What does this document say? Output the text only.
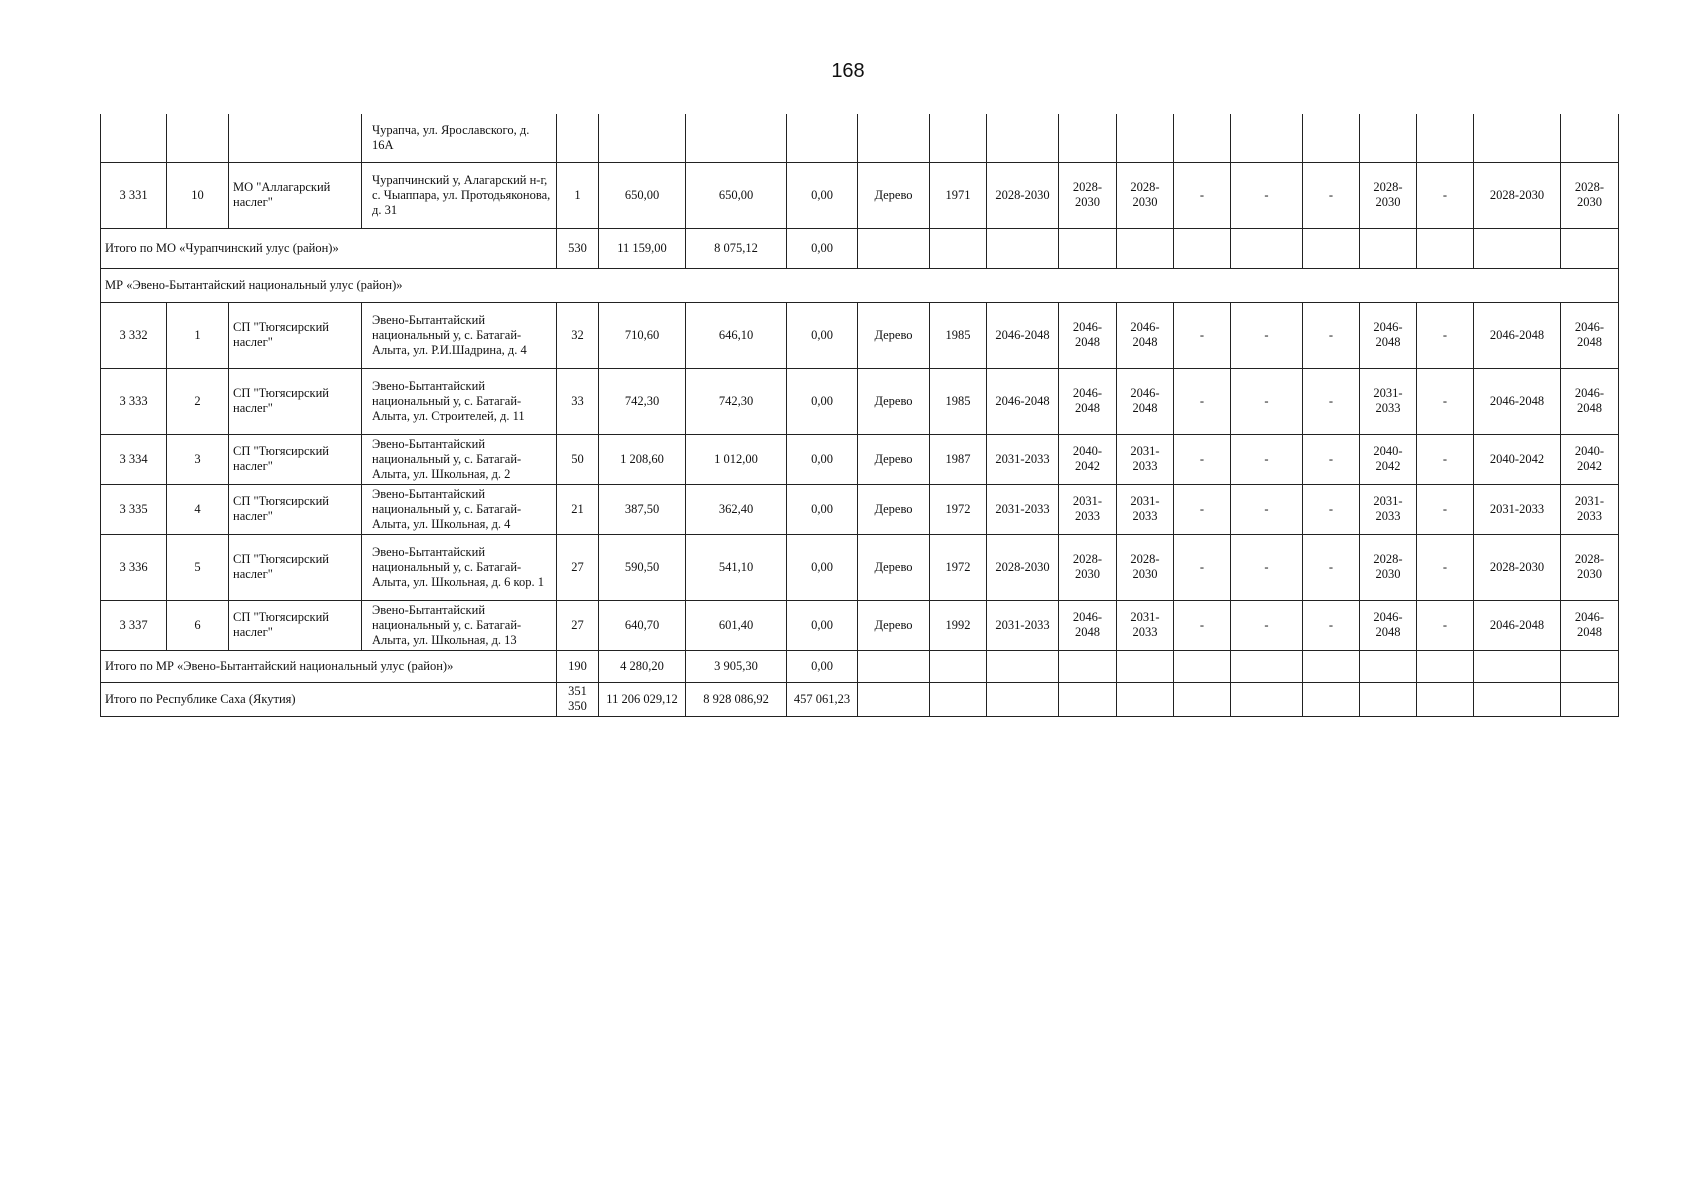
168
			Чурапча, ул. Ярославского, д. 16А																
3 331	10	МО "Аллагарский наслег"	Чурапчинский у, Алагарский н-г, с. Чыаппара, ул. Протодьяконова, д. 31	1	650,00	650,00	0,00	Дерево	1971	2028-2030	2028-2030	2028-2030	-	-	-	2028-2030	-	2028-2030	2028-2030
Итого по МО «Чурапчинский улус (район)»				530	11 159,00	8 075,12	0,00												
МР «Эвено-Бытантайский национальный улус (район)»																			
3 332	1	СП "Тюгясирский наслег"	Эвено-Бытантайский национальный у, с. Батагай-Алыта, ул. Р.И.Шадрина, д. 4	32	710,60	646,10	0,00	Дерево	1985	2046-2048	2046-2048	2046-2048	-	-	-	2046-2048	-	2046-2048	2046-2048
3 333	2	СП "Тюгясирский наслег"	Эвено-Бытантайский национальный у, с. Батагай-Алыта, ул. Строителей, д. 11	33	742,30	742,30	0,00	Дерево	1985	2046-2048	2046-2048	2046-2048	-	-	-	2031-2033	-	2046-2048	2046-2048
3 334	3	СП "Тюгясирский наслег"	Эвено-Бытантайский национальный у, с. Батагай-Алыта, ул. Школьная, д. 2	50	1 208,60	1 012,00	0,00	Дерево	1987	2031-2033	2040-2042	2031-2033	-	-	-	2040-2042	-	2040-2042	2040-2042
3 335	4	СП "Тюгясирский наслег"	Эвено-Бытантайский национальный у, с. Батагай-Алыта, ул. Школьная, д. 4	21	387,50	362,40	0,00	Дерево	1972	2031-2033	2031-2033	2031-2033	-	-	-	2031-2033	-	2031-2033	2031-2033
3 336	5	СП "Тюгясирский наслег"	Эвено-Бытантайский национальный у, с. Батагай-Алыта, ул. Школьная, д. 6 кор. 1	27	590,50	541,10	0,00	Дерево	1972	2028-2030	2028-2030	2028-2030	-	-	-	2028-2030	-	2028-2030	2028-2030
3 337	6	СП "Тюгясирский наслег"	Эвено-Бытантайский национальный у, с. Батагай-Алыта, ул. Школьная, д. 13	27	640,70	601,40	0,00	Дерево	1992	2031-2033	2046-2048	2031-2033	-	-	-	2046-2048	-	2046-2048	2046-2048
Итого по МР «Эвено-Бытантайский национальный улус (район)»				190	4 280,20	3 905,30	0,00												
Итого по Республике Саха (Якутия)				351 350	11 206 029,12	8 928 086,92	457 061,23												
